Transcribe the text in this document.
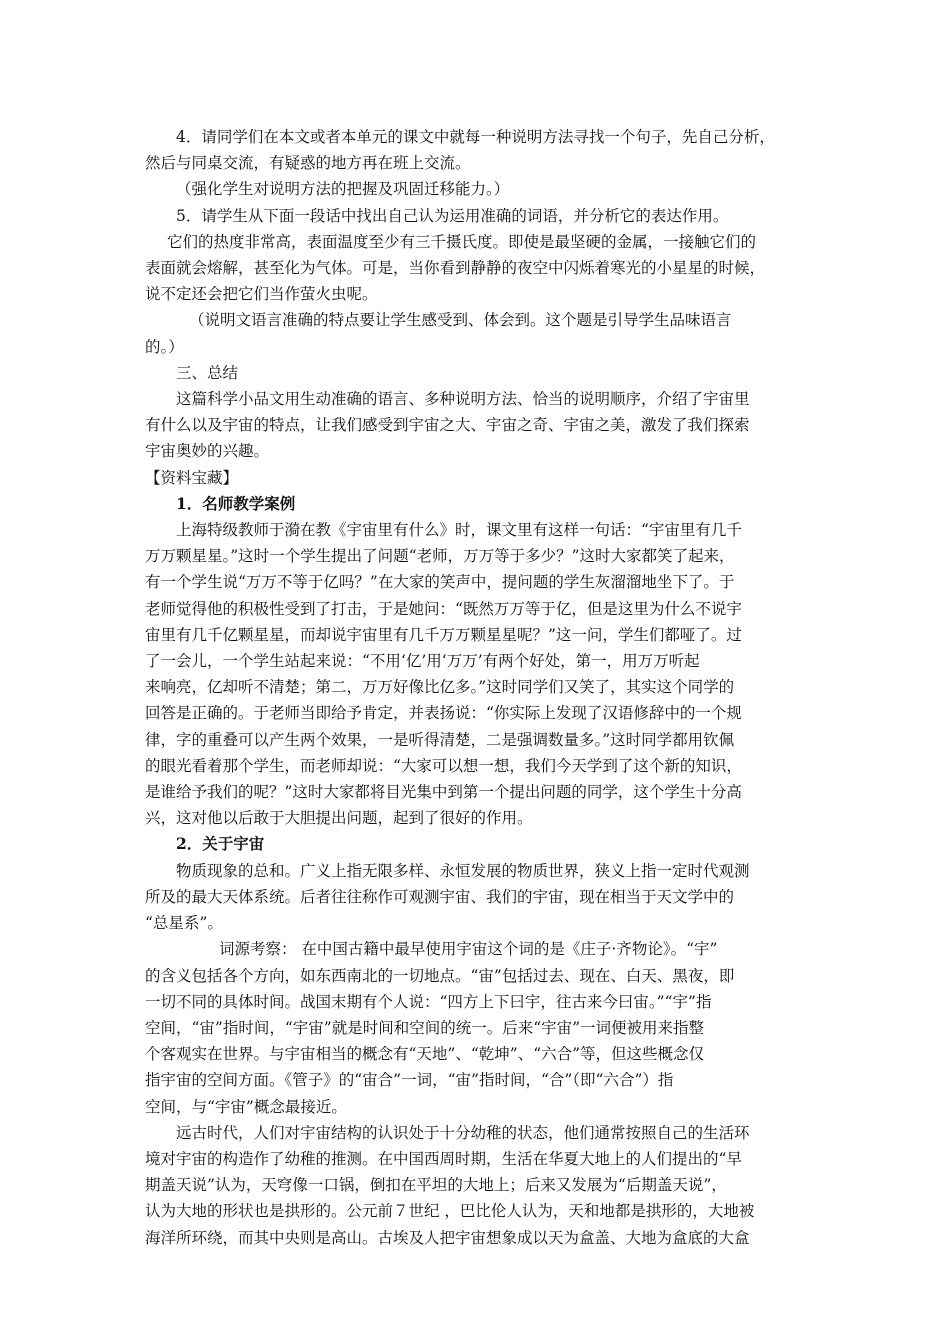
4．请同学们在本文或者本单元的课文中就每一种说明方法寻找一个句子，先自己分析，
然后与同桌交流，有疑惑的地方再在班上交流。
（强化学生对说明方法的把握及巩固迁移能力。）
5．请学生从下面一段话中找出自己认为运用准确的词语，并分析它的表达作用。
它们的热度非常高，表面温度至少有三千摄氏度。即使是最坚硬的金属，一接触它们的
表面就会熔解，甚至化为气体。可是，当你看到静静的夜空中闪烁着寒光的小星星的时候，
说不定还会把它们当作萤火虫呢。
（说明文语言准确的特点要让学生感受到、体会到。这个题是引导学生品味语言
的。）
三、总结
这篇科学小品文用生动准确的语言、多种说明方法、恰当的说明顺序，介绍了宇宙里
有什么以及宇宙的特点，让我们感受到宇宙之大、宇宙之奇、宇宙之美，激发了我们探索
宇宙奥妙的兴趣。
【资料宝藏】
1．名师教学案例
上海特级教师于漪在教《宇宙里有什么》时，课文里有这样一句话：“宇宙里有几千
万万颗星星。”这时一个学生提出了问题“老师，万万等于多少？”这时大家都笑了起来，
有一个学生说“万万不等于亿吗？”在大家的笑声中，提问题的学生灰溜溜地坐下了。于
老师觉得他的积极性受到了打击，于是她问：“既然万万等于亿，但是这里为什么不说宇
宙里有几千亿颗星星，而却说宇宙里有几千万万颗星星呢？”这一问，学生们都哑了。过
了一会儿，一个学生站起来说：“不用‘亿’用‘万万’有两个好处，第一，用万万听起
来响亮，亿却听不清楚；第二，万万好像比亿多。”这时同学们又笑了，其实这个同学的
回答是正确的。于老师当即给予肯定，并表扬说：“你实际上发现了汉语修辞中的一个规
律，字的重叠可以产生两个效果，一是听得清楚，二是强调数量多。”这时同学都用钦佩
的眼光看着那个学生，而老师却说：“大家可以想一想，我们今天学到了这个新的知识，
是谁给予我们的呢？”这时大家都将目光集中到第一个提出问题的同学，这个学生十分高
兴，这对他以后敢于大胆提出问题，起到了很好的作用。
2．关于宇宙
物质现象的总和。广义上指无限多样、永恒发展的物质世界，狭义上指一定时代观测
所及的最大天体系统。后者往往称作可观测宇宙、我们的宇宙，现在相当于天文学中的
“总星系”。
词源考察： 在中国古籍中最早使用宇宙这个词的是《庄子·齐物论》。“宇”
的含义包括各个方向，如东西南北的一切地点。“宙”包括过去、现在、白天、黑夜，即
一切不同的具体时间。战国末期有个人说：“四方上下曰宇，往古来今曰宙。”“宇”指
空间，“宙”指时间，“宇宙”就是时间和空间的统一。后来“宇宙”一词便被用来指整
个客观实在世界。与宇宙相当的概念有“天地”、“乾坤”、“六合”等，但这些概念仅
指宇宙的空间方面。《管子》的“宙合”一词，“宙”指时间，“合”（即“六合”）指
空间，与“宇宙”概念最接近。
远古时代，人们对宇宙结构的认识处于十分幼稚的状态，他们通常按照自己的生活环
境对宇宙的构造作了幼稚的推测。在中国西周时期，生活在华夏大地上的人们提出的“早
期盖天说”认为，天穹像一口锅，倒扣在平坦的大地上；后来又发展为“后期盖天说”，
认为大地的形状也是拱形的。公元前７世纪 ，巴比伦人认为，天和地都是拱形的，大地被
海洋所环绕，而其中央则是高山。古埃及人把宇宙想象成以天为盒盖、大地为盒底的大盒
